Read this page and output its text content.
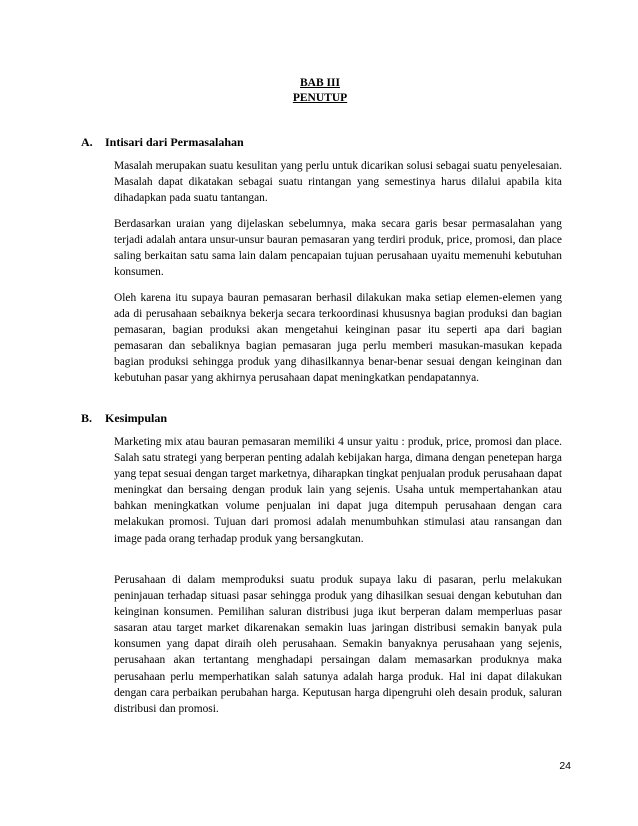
BAB III
PENUTUP
A. Intisari dari Permasalahan

Masalah merupakan suatu kesulitan yang perlu untuk dicarikan solusi sebagai suatu penyelesaian. Masalah dapat dikatakan sebagai suatu rintangan yang semestinya harus dilalui apabila kita dihadapkan pada suatu tantangan.

Berdasarkan uraian yang dijelaskan sebelumnya, maka secara garis besar permasalahan yang terjadi adalah antara unsur-unsur bauran pemasaran yang terdiri produk, price, promosi, dan place saling berkaitan satu sama lain dalam pencapaian tujuan perusahaan uyaitu memenuhi kebutuhan konsumen.

Oleh karena itu supaya bauran pemasaran berhasil dilakukan maka setiap elemen-elemen yang ada di perusahaan sebaiknya bekerja secara terkoordinasi khususnya bagian produksi dan bagian pemasaran, bagian produksi akan mengetahui keinginan pasar itu seperti apa dari bagian pemasaran dan sebaliknya bagian pemasaran juga perlu memberi masukan-masukan kepada bagian produksi sehingga produk yang dihasilkannya benar-benar sesuai dengan keinginan dan kebutuhan pasar yang akhirnya perusahaan dapat meningkatkan pendapatannya.

B. Kesimpulan

Marketing mix atau bauran pemasaran memiliki 4 unsur yaitu : produk, price, promosi dan place. Salah satu strategi yang berperan penting adalah kebijakan harga, dimana dengan penetepan harga yang tepat sesuai dengan target marketnya, diharapkan tingkat penjualan produk perusahaan dapat meningkat dan bersaing dengan produk lain yang sejenis. Usaha untuk mempertahankan atau bahkan meningkatkan volume penjualan ini dapat juga ditempuh perusahaan dengan cara melakukan promosi. Tujuan dari promosi adalah menumbuhkan stimulasi atau ransangan dan image pada orang terhadap produk yang bersangkutan.

Perusahaan di dalam memproduksi suatu produk supaya laku di pasaran, perlu melakukan peninjauan terhadap situasi pasar sehingga produk yang dihasilkan sesuai dengan kebutuhan dan keinginan konsumen. Pemilihan saluran distribusi juga ikut berperan dalam memperluas pasar sasaran atau target market dikarenakan semakin luas jaringan distribusi semakin banyak pula konsumen yang dapat diraih oleh perusahaan. Semakin banyaknya perusahaan yang sejenis, perusahaan akan tertantang menghadapi persaingan dalam memasarkan produknya maka perusahaan perlu memperhatikan salah satunya adalah harga produk. Hal ini dapat dilakukan dengan cara perbaikan perubahan harga. Keputusan harga dipengruhi oleh desain produk, saluran distribusi dan promosi.

24
